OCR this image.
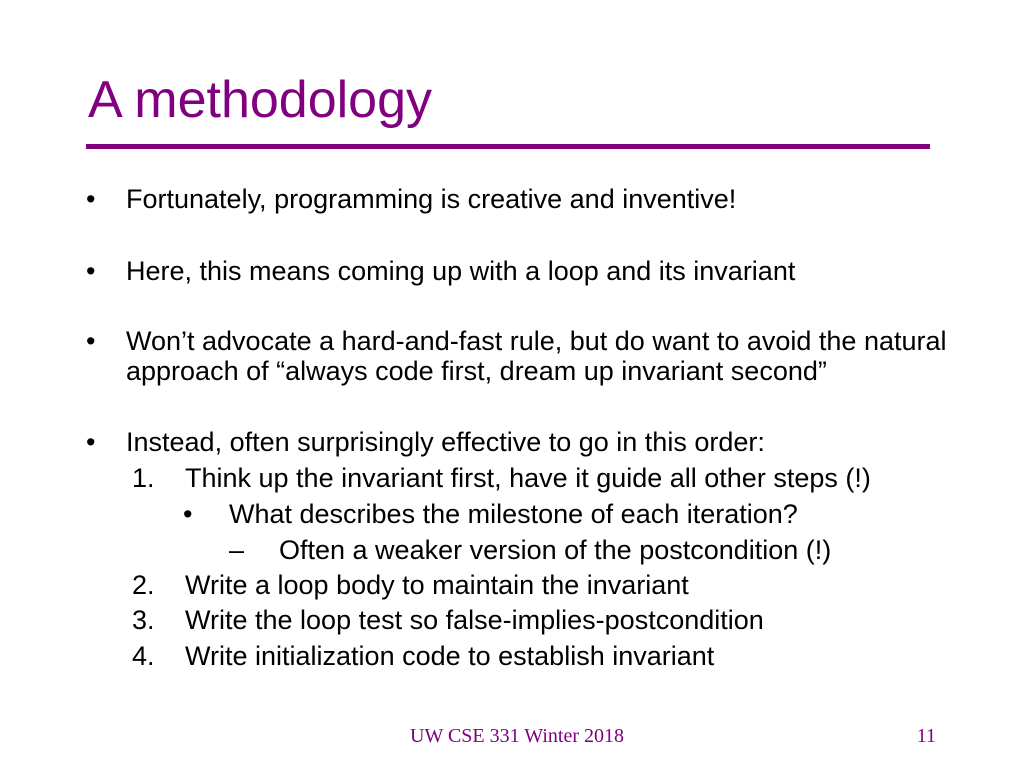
A methodology
• Fortunately, programming is creative and inventive!
• Here, this means coming up with a loop and its invariant
• Won’t advocate a hard-and-fast rule, but do want to avoid the natural approach of “always code first, dream up invariant second”
• Instead, often surprisingly effective to go in this order:
1. Think up the invariant first, have it guide all other steps (!)
• What describes the milestone of each iteration?
– Often a weaker version of the postcondition (!)
2. Write a loop body to maintain the invariant
3. Write the loop test so false-implies-postcondition
4. Write initialization code to establish invariant
UW CSE 331 Winter 2018	11
